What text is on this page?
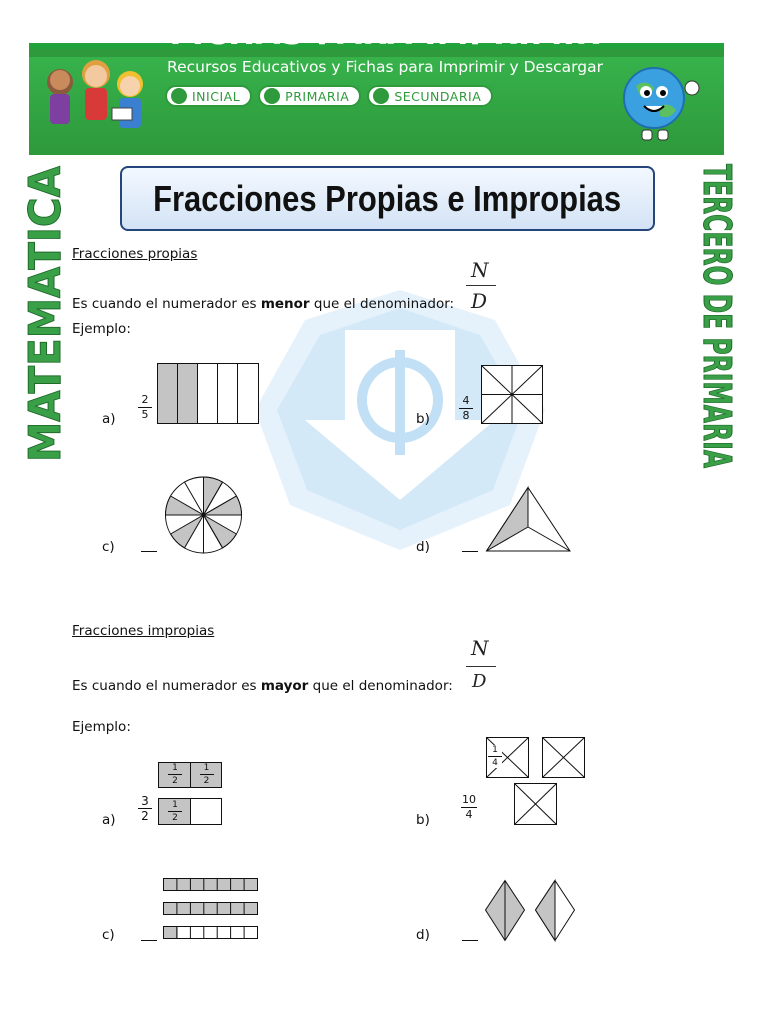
FICHAS PARA IMPRIMIR
Recursos Educativos y Fichas para Imprimir y Descargar
INICIAL	PRIMARIA	SECUNDARIA
MATEMATICA	TERCERO DE PRIMARIA
Fracciones Propias e Impropias
Fracciones propias
N
D
Es cuando el numerador es menor que el denominador:
Ejemplo:
a)
2
5	b)
4
8
c)	d)
Fracciones impropias
N
D
Es cuando el numerador es mayor que el denominador:
Ejemplo:
a)
3
2
1
2
1
2
1
2	b)
10
4
1
4
c)	d)
